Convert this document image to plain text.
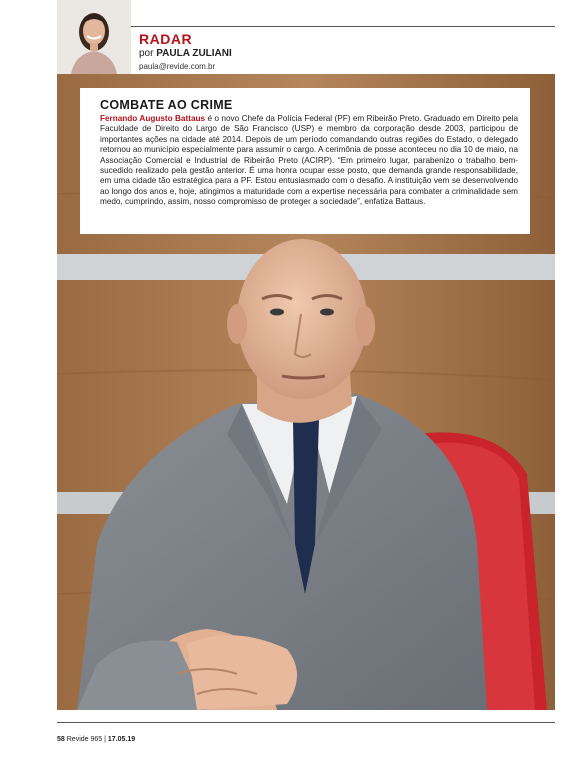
RADAR
por PAULA ZULIANI
paula@revide.com.br
COMBATE AO CRIME

Fernando Augusto Battaus é o novo Chefe da Polícia Federal (PF) em Ribeirão Preto. Graduado em Direito pela Faculdade de Direito do Largo de São Francisco (USP) e membro da corporação desde 2003, participou de importantes ações na cidade até 2014. Depois de um período comandando outras regiões do Estado, o delegado retornou ao município especialmente para assumir o cargo. A cerimônia de posse aconteceu no dia 10 de maio, na Associação Comercial e Industrial de Ribeirão Preto (ACIRP). “Em primeiro lugar, parabenizo o trabalho bem-sucedido realizado pela gestão anterior. É uma honra ocupar esse posto, que demanda grande responsabilidade, em uma cidade tão estratégica para a PF. Estou entusiasmado com o desafio. A instituição vem se desenvolvendo ao longo dos anos e, hoje, atingimos a maturidade com a expertise necessária para combater a criminalidade sem medo, cumprindo, assim, nosso compromisso de proteger a sociedade”, enfatiza Battaus.

58 Revide 965 | 17.05.19
